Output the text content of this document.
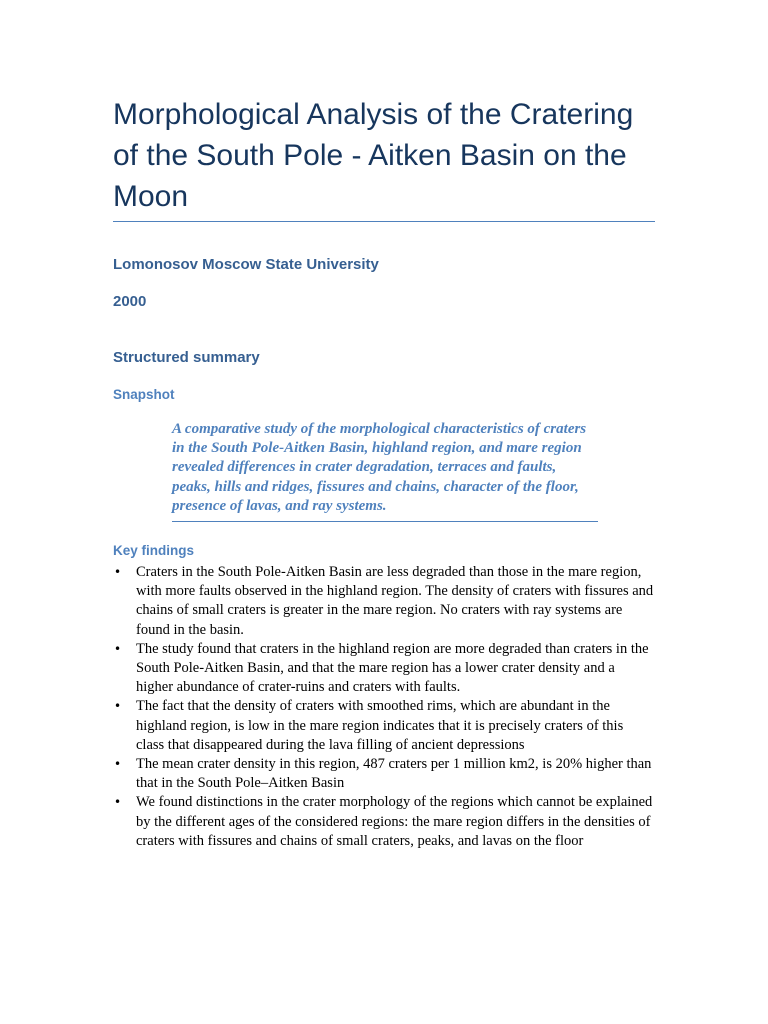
Morphological Analysis of the Cratering of the South Pole - Aitken Basin on the Moon
Lomonosov Moscow State University
2000
Structured summary
Snapshot
A comparative study of the morphological characteristics of craters in the South Pole-Aitken Basin, highland region, and mare region revealed differences in crater degradation, terraces and faults, peaks, hills and ridges, fissures and chains, character of the floor, presence of lavas, and ray systems.
Key findings
•
Craters in the South Pole-Aitken Basin are less degraded than those in the mare region, with more faults observed in the highland region. The density of craters with fissures and chains of small craters is greater in the mare region. No craters with ray systems are found in the basin.
•
The study found that craters in the highland region are more degraded than craters in the South Pole-Aitken Basin, and that the mare region has a lower crater density and a higher abundance of crater-ruins and craters with faults.
•
The fact that the density of craters with smoothed rims, which are abundant in the highland region, is low in the mare region indicates that it is precisely craters of this class that disappeared during the lava filling of ancient depressions
•
The mean crater density in this region, 487 craters per 1 million km2, is 20% higher than that in the South Pole–Aitken Basin
•
We found distinctions in the crater morphology of the regions which cannot be explained by the different ages of the considered regions: the mare region differs in the densities of craters with fissures and chains of small craters, peaks, and lavas on the floor
